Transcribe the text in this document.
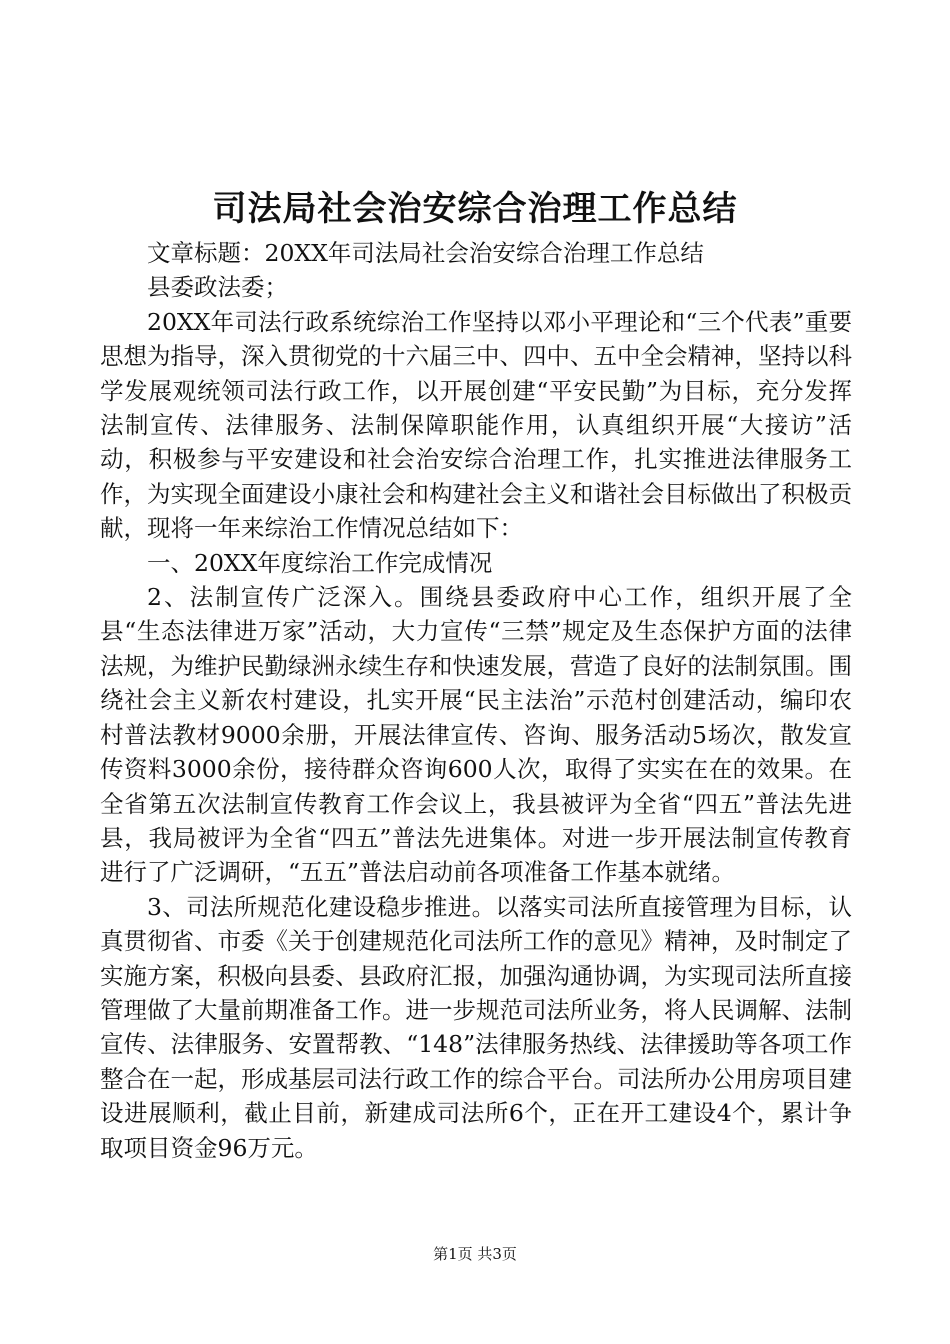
司法局社会治安综合治理工作总结

文章标题：20XX年司法局社会治安综合治理工作总结

县委政法委；

20XX年司法行政系统综治工作坚持以邓小平理论和“三个代表”重要思想为指导，深入贯彻党的十六届三中、四中、五中全会精神，坚持以科学发展观统领司法行政工作，以开展创建“平安民勤”为目标，充分发挥法制宣传、法律服务、法制保障职能作用，认真组织开展“大接访”活动，积极参与平安建设和社会治安综合治理工作，扎实推进法律服务工作，为实现全面建设小康社会和构建社会主义和谐社会目标做出了积极贡献，现将一年来综治工作情况总结如下：

一、20XX年度综治工作完成情况

2、法制宣传广泛深入。围绕县委政府中心工作，组织开展了全县“生态法律进万家”活动，大力宣传“三禁”规定及生态保护方面的法律法规，为维护民勤绿洲永续生存和快速发展，营造了良好的法制氛围。围绕社会主义新农村建设，扎实开展“民主法治”示范村创建活动，编印农村普法教材9000余册，开展法律宣传、咨询、服务活动5场次，散发宣传资料3000余份，接待群众咨询600人次，取得了实实在在的效果。在全省第五次法制宣传教育工作会议上，我县被评为全省“四五”普法先进县，我局被评为全省“四五”普法先进集体。对进一步开展法制宣传教育进行了广泛调研，“五五”普法启动前各项准备工作基本就绪。

3、司法所规范化建设稳步推进。以落实司法所直接管理为目标，认真贯彻省、市委《关于创建规范化司法所工作的意见》精神，及时制定了实施方案，积极向县委、县政府汇报，加强沟通协调，为实现司法所直接管理做了大量前期准备工作。进一步规范司法所业务，将人民调解、法制宣传、法律服务、安置帮教、“148”法律服务热线、法律援助等各项工作整合在一起，形成基层司法行政工作的综合平台。司法所办公用房项目建设进展顺利，截止目前，新建成司法所6个，正在开工建设4个，累计争取项目资金96万元。

第1页 共3页
